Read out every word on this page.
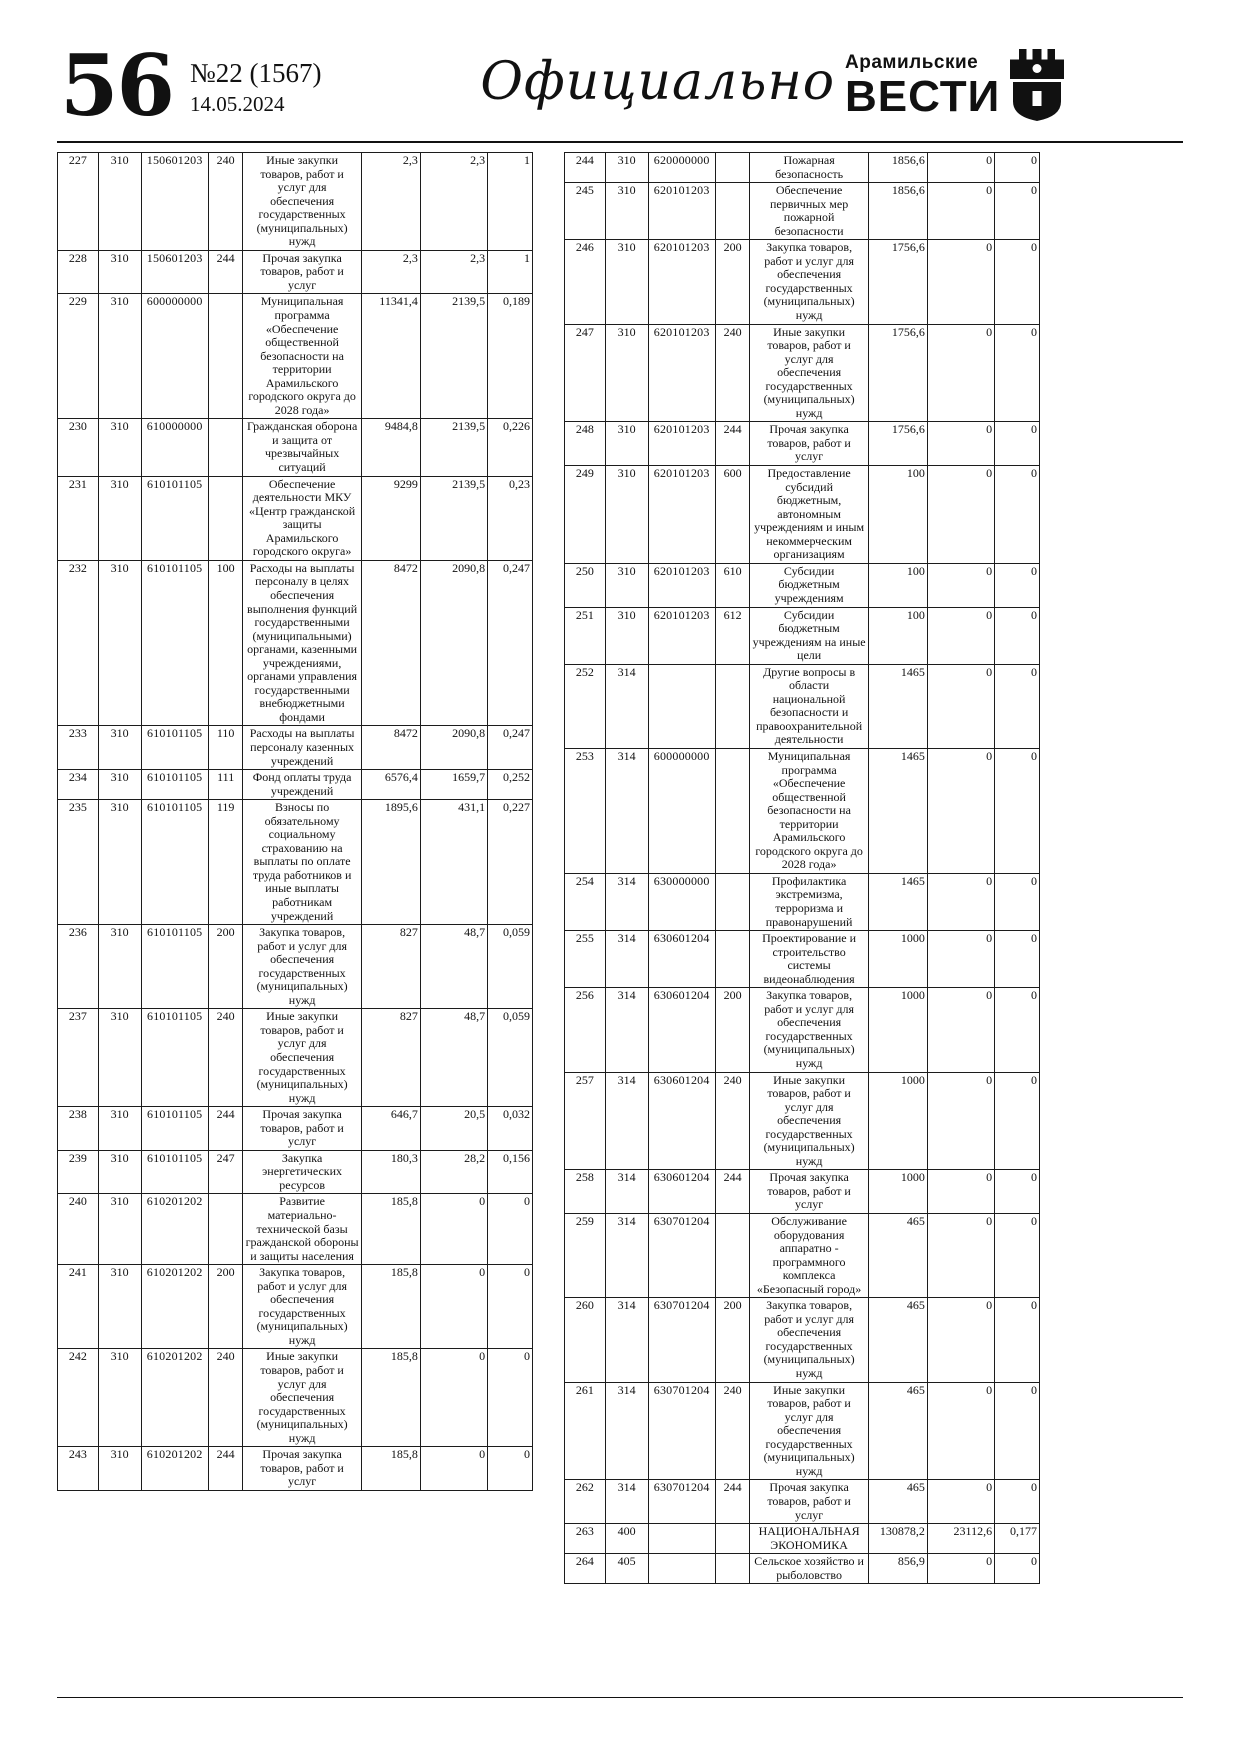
56 №22 (1567)
14.05.2024	Официально Арамильские
ВЕСТИ
227	310	150601203	240	Иные закупки товаров, работ и услуг для обеспечения государственных (муниципальных) нужд	2,3	2,3	1
228	310	150601203	244	Прочая закупка товаров, работ и услуг	2,3	2,3	1
229	310	600000000		Муниципальная программа «Обеспечение общественной безопасности на территории Арамильского городского округа до 2028 года»	11341,4	2139,5	0,189
230	310	610000000		Гражданская оборона и защита от чрезвычайных ситуаций	9484,8	2139,5	0,226
231	310	610101105		Обеспечение деятельности МКУ «Центр гражданской защиты Арамильского городского округа»	9299	2139,5	0,23
232	310	610101105	100	Расходы на выплаты персоналу в целях обеспечения выполнения функций государственными (муниципальными) органами, казенными учреждениями, органами управления государственными внебюджетными фондами	8472	2090,8	0,247
233	310	610101105	110	Расходы на выплаты персоналу казенных учреждений	8472	2090,8	0,247
234	310	610101105	111	Фонд оплаты труда учреждений	6576,4	1659,7	0,252
235	310	610101105	119	Взносы по обязательному социальному страхованию на выплаты по оплате труда работников и иные выплаты работникам учреждений	1895,6	431,1	0,227
236	310	610101105	200	Закупка товаров, работ и услуг для обеспечения государственных (муниципальных) нужд	827	48,7	0,059
237	310	610101105	240	Иные закупки товаров, работ и услуг для обеспечения государственных (муниципальных) нужд	827	48,7	0,059
238	310	610101105	244	Прочая закупка товаров, работ и услуг	646,7	20,5	0,032
239	310	610101105	247	Закупка энергетических ресурсов	180,3	28,2	0,156
240	310	610201202		Развитие материально-технической базы гражданской обороны и защиты населения	185,8	0	0
241	310	610201202	200	Закупка товаров, работ и услуг для обеспечения государственных (муниципальных) нужд	185,8	0	0
242	310	610201202	240	Иные закупки товаров, работ и услуг для обеспечения государственных (муниципальных) нужд	185,8	0	0
243	310	610201202	244	Прочая закупка товаров, работ и услуг	185,8	0	0
244	310	620000000		Пожарная безопасность	1856,6	0	0
245	310	620101203		Обеспечение первичных мер пожарной безопасности	1856,6	0	0
246	310	620101203	200	Закупка товаров, работ и услуг для обеспечения государственных (муниципальных) нужд	1756,6	0	0
247	310	620101203	240	Иные закупки товаров, работ и услуг для обеспечения государственных (муниципальных) нужд	1756,6	0	0
248	310	620101203	244	Прочая закупка товаров, работ и услуг	1756,6	0	0
249	310	620101203	600	Предоставление субсидий бюджетным, автономным учреждениям и иным некоммерческим организациям	100	0	0
250	310	620101203	610	Субсидии бюджетным учреждениям	100	0	0
251	310	620101203	612	Субсидии бюджетным учреждениям на иные цели	100	0	0
252	314			Другие вопросы в области национальной безопасности и правоохранительной деятельности	1465	0	0
253	314	600000000		Муниципальная программа «Обеспечение общественной безопасности на территории Арамильского городского округа до 2028 года»	1465	0	0
254	314	630000000		Профилактика экстремизма, терроризма и правонарушений	1465	0	0
255	314	630601204		Проектирование и строительство системы видеонаблюдения	1000	0	0
256	314	630601204	200	Закупка товаров, работ и услуг для обеспечения государственных (муниципальных) нужд	1000	0	0
257	314	630601204	240	Иные закупки товаров, работ и услуг для обеспечения государственных (муниципальных) нужд	1000	0	0
258	314	630601204	244	Прочая закупка товаров, работ и услуг	1000	0	0
259	314	630701204		Обслуживание оборудования аппаратно - программного комплекса «Безопасный город»	465	0	0
260	314	630701204	200	Закупка товаров, работ и услуг для обеспечения государственных (муниципальных) нужд	465	0	0
261	314	630701204	240	Иные закупки товаров, работ и услуг для обеспечения государственных (муниципальных) нужд	465	0	0
262	314	630701204	244	Прочая закупка товаров, работ и услуг	465	0	0
263	400			НАЦИОНАЛЬНАЯ ЭКОНОМИКА	130878,2	23112,6	0,177
264	405			Сельское хозяйство и рыболовство	856,9	0	0
